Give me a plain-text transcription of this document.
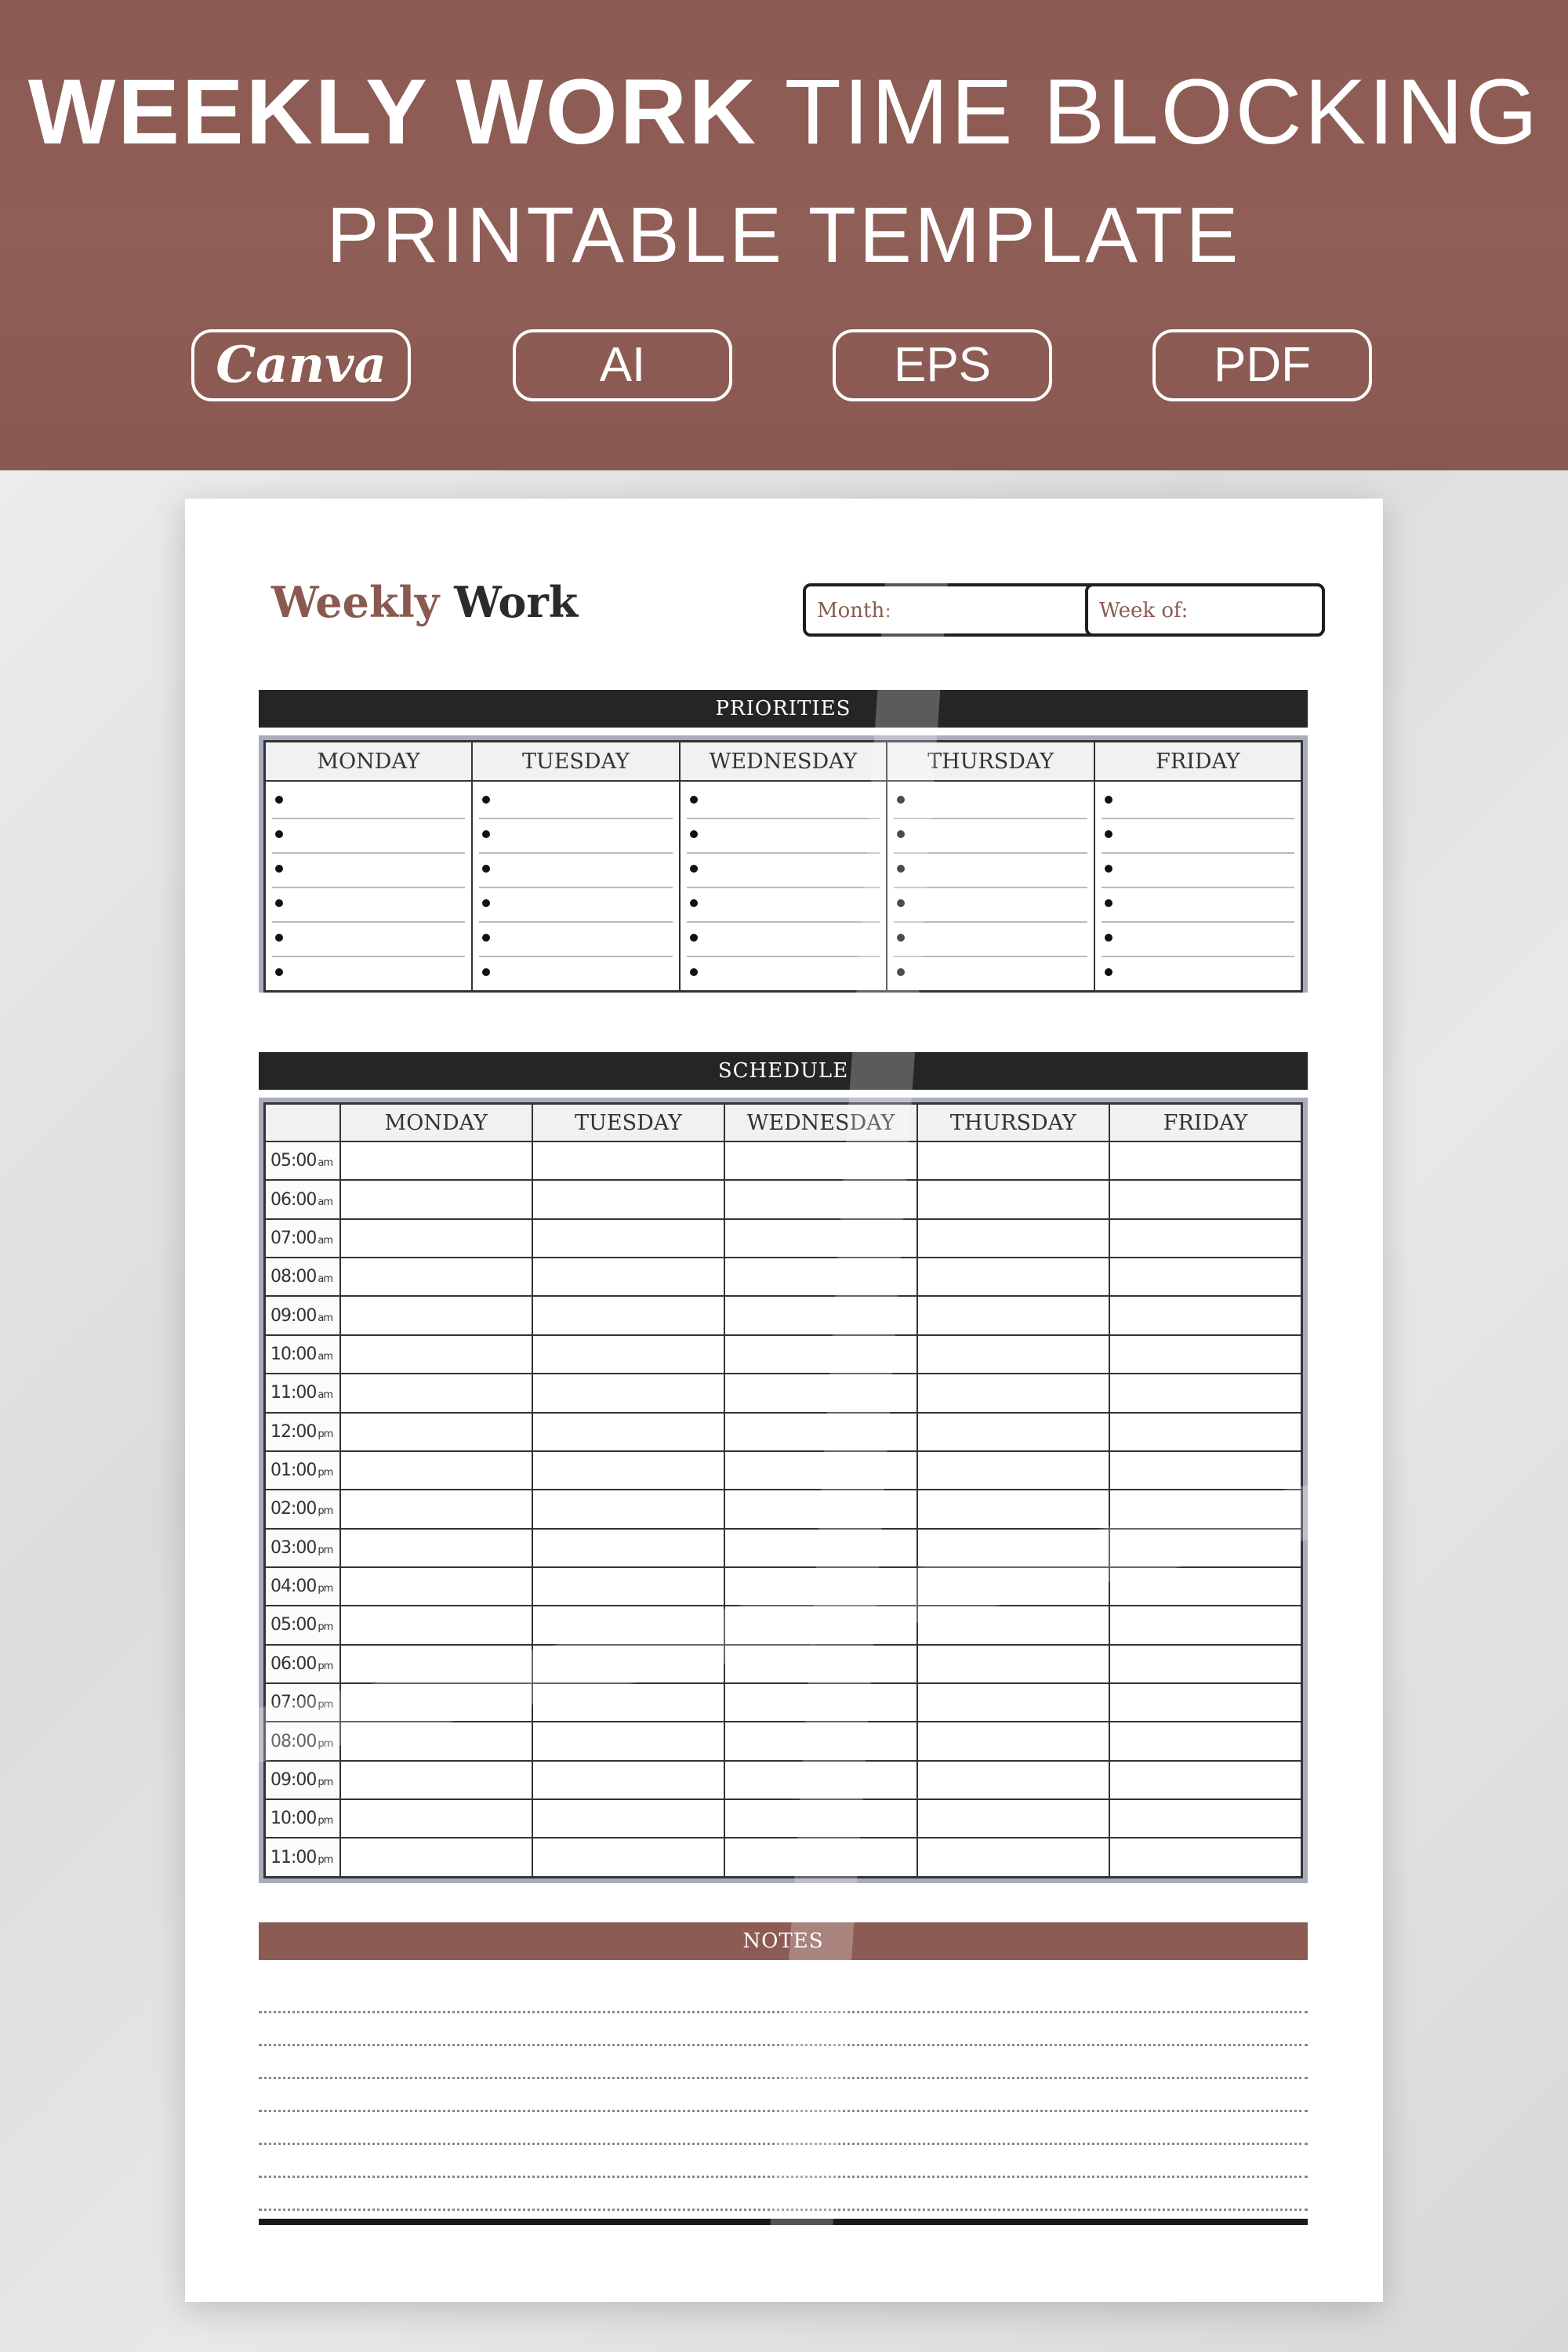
WEEKLY WORK TIME BLOCKING
PRINTABLE TEMPLATE
Canva	AI	EPS	PDF
Weekly Work	Month:	Week of:
PRIORITIES
MONDAY	TUESDAY	WEDNESDAY	THURSDAY	FRIDAY

SCHEDULE
	MONDAY	TUESDAY	WEDNESDAY	THURSDAY	FRIDAY
05:00 am					
06:00 am					
07:00 am					
08:00 am					
09:00 am					
10:00 am					
11:00 am					
12:00 pm					
01:00 pm					
02:00 pm					
03:00 pm					
04:00 pm					
05:00 pm					
06:00 pm					
07:00 pm					
08:00 pm					
09:00 pm					
10:00 pm					
11:00 pm					
NOTES
